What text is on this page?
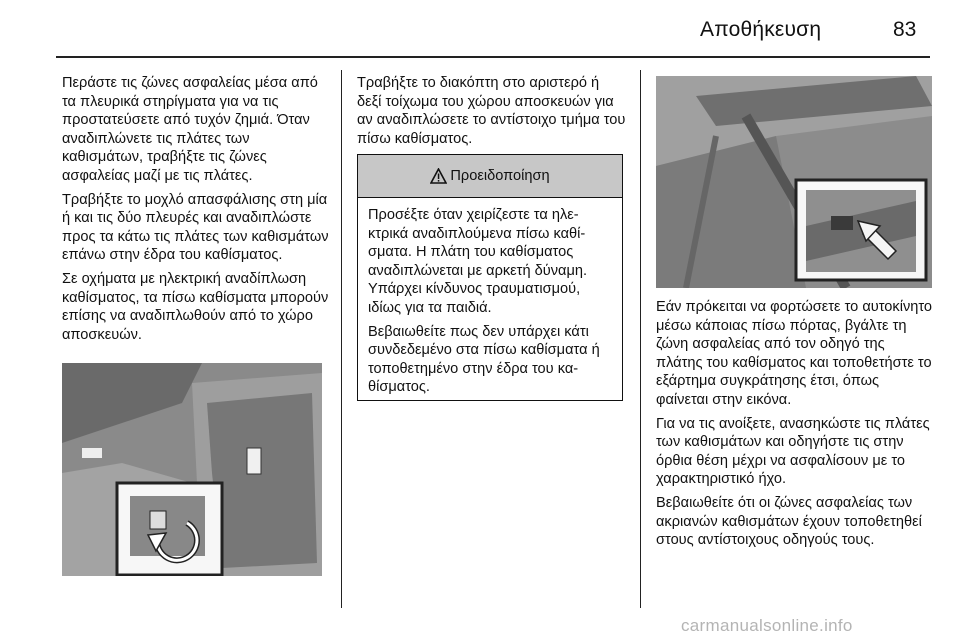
Αποθήκευση	83

Περάστε τις ζώνες ασφαλείας μέσα από τα πλευρικά στηρίγματα για να τις προστατεύσετε από τυχόν ζημιά. Όταν αναδιπλώνετε τις πλάτες των καθισμάτων, τραβήξτε τις ζώνες ασφαλείας μαζί με τις πλάτες.

Τραβήξτε το μοχλό απασφάλισης στη μία ή και τις δύο πλευρές και αναδιπλώστε προς τα κάτω τις πλάτες των καθισμάτων επάνω στην έδρα του καθίσματος.

Σε οχήματα με ηλεκτρική αναδίπλωση καθίσματος, τα πίσω καθίσματα μπορούν επίσης να αναδιπλωθούν από το χώρο αποσκευών.

Τραβήξτε το διακόπτη στο αριστερό ή δεξί τοίχωμα του χώρου αποσκευών για αν αναδιπλώσετε το αντίστοιχο τμήμα του πίσω καθίσματος.

Προειδοποίηση

Προσέξτε όταν χειρίζεστε τα ηλεκτρικά αναδιπλούμενα πίσω καθίσματα. Η πλάτη του καθίσματος αναδιπλώνεται με αρκετή δύναμη. Υπάρχει κίνδυνος τραυματισμού, ιδίως για τα παιδιά.

Βεβαιωθείτε πως δεν υπάρχει κάτι συνδεδεμένο στα πίσω καθίσματα ή τοποθετημένο στην έδρα του καθίσματος.

Εάν πρόκειται να φορτώσετε το αυτοκίνητο μέσω κάποιας πίσω πόρτας, βγάλτε τη ζώνη ασφαλείας από τον οδηγό της πλάτης του καθίσματος και τοποθετήστε το εξάρτημα συγκράτησης έτσι, όπως φαίνεται στην εικόνα.

Για να τις ανοίξετε, ανασηκώστε τις πλάτες των καθισμάτων και οδηγήστε τις στην όρθια θέση μέχρι να ασφαλίσουν με το χαρακτηριστικό ήχο.

Βεβαιωθείτε ότι οι ζώνες ασφαλείας των ακριανών καθισμάτων έχουν τοποθετηθεί στους αντίστοιχους οδηγούς τους.

carmanualsonline.info
